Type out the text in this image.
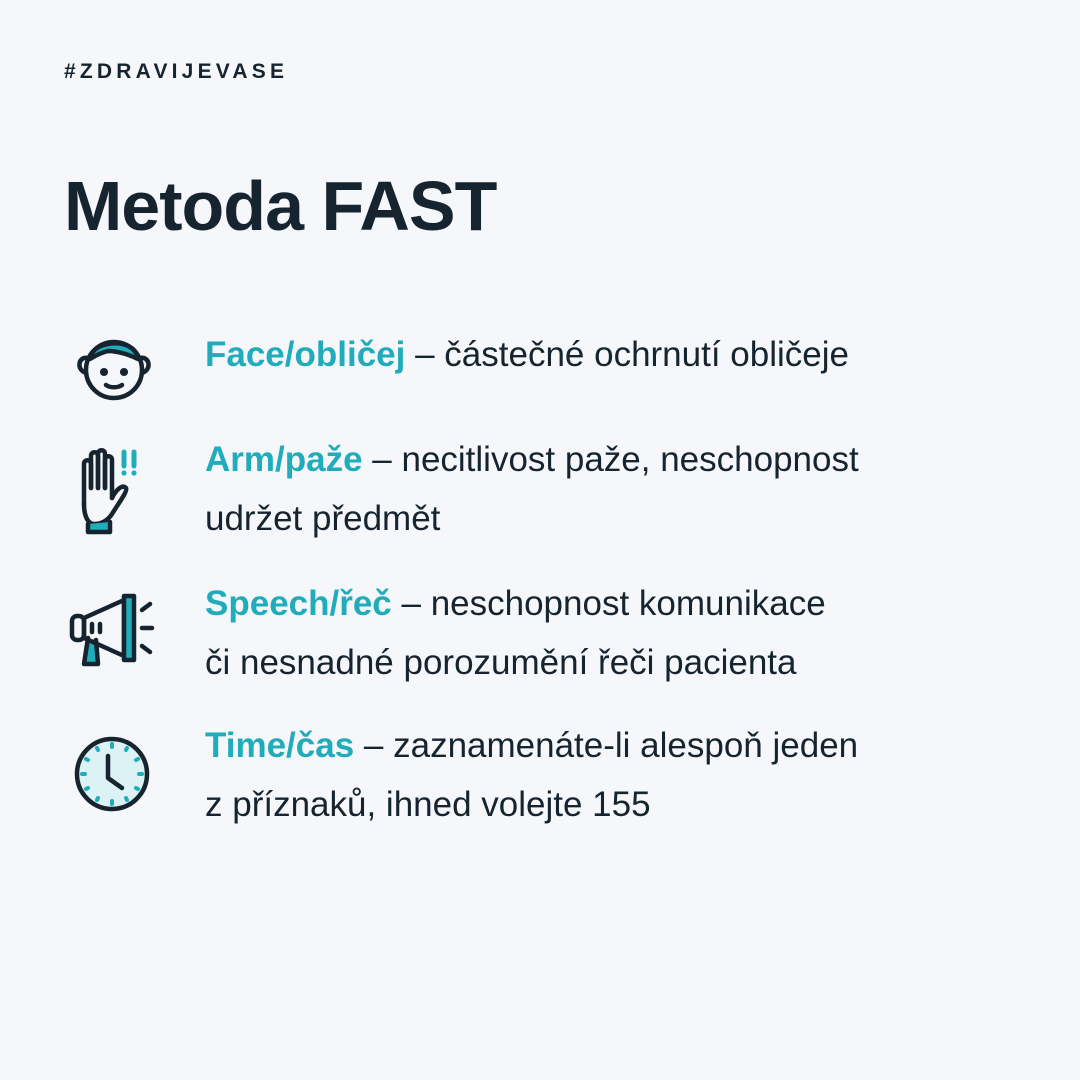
#ZDRAVIJEVASE
Metoda FAST
Face/obličej – částečné ochrnutí obličeje
Arm/paže – necitlivost paže, neschopnost
udržet předmět
Speech/řeč – neschopnost komunikace
či nesnadné porozumění řeči pacienta
Time/čas – zaznamenáte-li alespoň jeden
z příznaků, ihned volejte 155
